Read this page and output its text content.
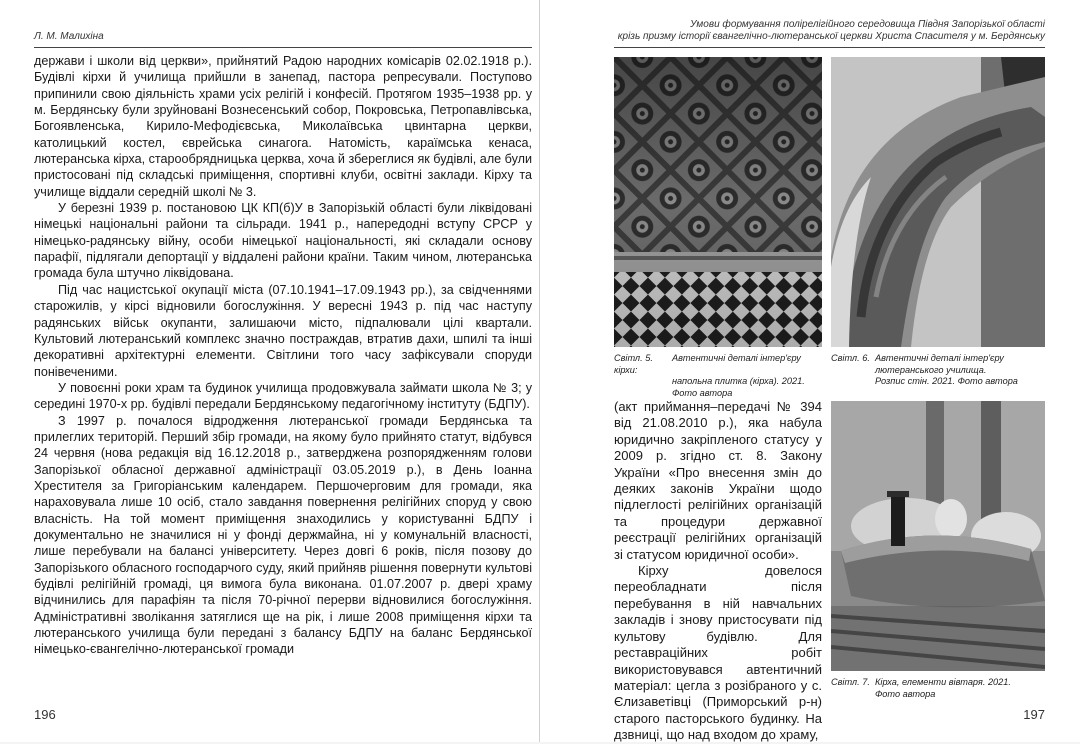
Л. М. Малихіна

держави і школи від церкви», прийнятий Радою народних комісарів 02.02.1918 р.). Будівлі кірхи й училища прийшли в занепад, пастора репресували. Поступово припинили свою діяльність храми усіх релігій і конфесій. Протягом 1935–1938 рр. у м. Бердянську були зруйновані Вознесенський собор, Покровська, Петропавлівська, Богоявленська, Кирило-Мефодієвська, Миколаївська цвинтарна церкви, католицький костел, єврейська синагога. Натомість, караїмська кенаса, лютеранська кірха, старообрядницька церква, хоча й збереглися як будівлі, але були пристосовані під складські приміщення, спортивні клуби, освітні заклади. Кірху та училище віддали середній школі № 3.

У березні 1939 р. постановою ЦК КП(б)У в Запорізькій області були ліквідовані німецькі національні райони та сільради. 1941 р., напередодні вступу СРСР у німецько-радянську війну, особи німецької національності, які складали основу парафії, підлягали депортації у віддалені райони країни. Таким чином, лютеранська громада була штучно ліквідована.

Під час нацистської окупації міста (07.10.1941–17.09.1943 рр.), за свідченнями старожилів, у кірсі відновили богослужіння. У вересні 1943 р. під час наступу радянських військ окупанти, залишаючи місто, підпалювали цілі квартали. Культовий лютеранський комплекс значно постраждав, втратив дахи, шпилі та інші декоративні архітектурні елементи. Світлини того часу зафіксували споруди понівеченими.

У повоєнні роки храм та будинок училища продовжувала займати школа № 3; у середині 1970-х рр. будівлі передали Бердянському педагогічному інституту (БДПУ).

З 1997 р. почалося відродження лютеранської громади Бердянська та прилеглих територій. Перший збір громади, на якому було прийнято статут, відбувся 24 червня (нова редакція від 16.12.2018 р., затверджена розпорядженням голови Запорізької обласної державної адміністрації 03.05.2019 р.), в День Іоанна Хрестителя за Григоріанським календарем. Першочерговим для громади, яка нараховувала лише 10 осіб, стало завдання повернення релігійних споруд у свою власність. На той момент приміщення знаходились у користуванні БДПУ і документально не значилися ні у фонді держмайна, ні у комунальній власності, лише перебували на балансі університету. Через довгі 6 років, після позову до Запорізького обласного господарчого суду, який прийняв рішення повернути культові будівлі релігійній громаді, ця вимога була виконана. 01.07.2007 р. двері храму відчинились для парафіян та після 70-річної перерви відновилися богослужіння. Адміністративні зволікання затяглися ще на рік, і лише 2008 приміщення кірхи та лютеранського училища були передані з балансу БДПУ на баланс Бердянської німецько-євангелічно-лютеранської громади

196
Умови формування полірелігійного середовища Півдня Запорізької області
крізь призму історії євангелічно-лютеранської церкви Христа Спасителя у м. Бердянську
Світл. 5. Автентичні деталі інтер'єру кірхи:
напольна плитка (кірха). 2021.
Фото автора
Світл. 6. Автентичні деталі інтер'єру
лютеранського училища.
Розпис стін. 2021. Фото автора

(акт приймання–передачі № 394 від 21.08.2010 р.), яка набула юридично закріпленого статусу у 2009 р. згідно ст. 8. Закону України «Про внесення змін до деяких законів України щодо підлеглості релігійних організацій та процедури державної реєстрації релігійних організацій зі статусом юридичної особи».

Кірху довелося переобладнати після перебування в ній навчальних закладів і знову пристосувати під культову будівлю. Для реставраційних робіт використовувався автентичний матеріал: цегла з розібраного у с. Єлизаветівці (Приморський р-н) старого пасторського будинку. На дзвниці, що над входом до храму,

Світл. 7. Кірха, елементи вівтаря. 2021.
Фото автора
197
